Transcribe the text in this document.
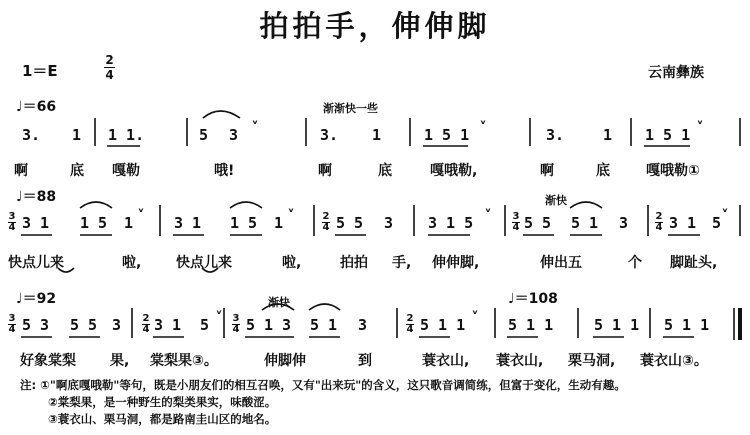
拍拍手，伸伸脚
1＝E
2
4	云南彝族
♩＝66	渐渐快一些
3. 1 1 1.	5 3	3. 1	1 5 1	3.	1 1 5 1
啊	底 嘎勒	哦!	啊	底	嘎哦勒,	啊	底	嘎哦勒①
♩＝88	渐快
3
4
2
4
3
4
2
4
3 1 1 5 1	3 1 1 5 1	5 5 3 3 1 5	5 5 5 1 3	3 1 5
快点儿来	啦, 快点儿来	啦,	拍拍 手, 伸伸脚,	伸出五	个 脚趾头,
♩＝92	渐快	♩＝108
3
4
2
4
3
4
2
4
5 3 5 5 3 3 1 5 5 1 3 5 1 3	5 1 1	5 1 1	5 1 1 5 1 1
好象棠梨 果, 棠梨果③。	伸脚伸	到	蓑衣山, 蓑衣山, 栗马洞, 蓑衣山③。
注: ①"啊底嘎哦勒"等句，既是小朋友们的相互召唤，又有"出来玩"的含义，这只歌音调简练，但富于变化，生动有趣。
②棠梨果，是一种野生的梨类果实，味酸涩。
③蓑衣山、栗马洞，都是路南圭山区的地名。
ᵛ	ᵛ	ᵛ
ᵛ	ᵛ	ᵛ	ᵛ
ᵛ	ᵛ
